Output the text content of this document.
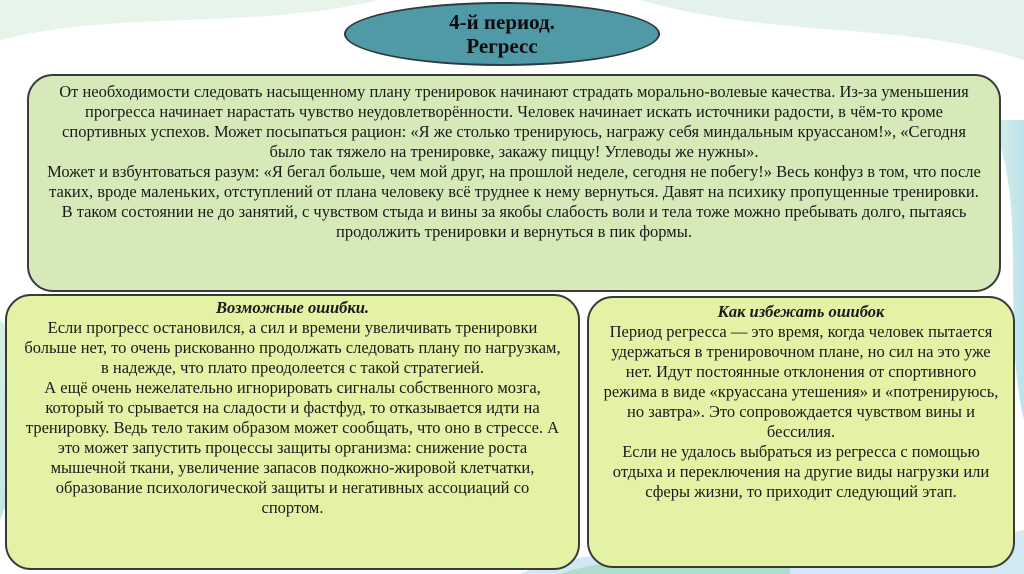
4-й период.
Регресс

От необходимости следовать насыщенному плану тренировок начинают страдать морально-волевые качества. Из-за уменьшения прогресса начинает нарастать чувство неудовлетворённости. Человек начинает искать источники радости, в чём-то кроме спортивных успехов. Может посыпаться рацион: «Я же столько тренируюсь, награжу себя миндальным круассаном!», «Сегодня было так тяжело на тренировке, закажу пиццу! Углеводы же нужны».

Может и взбунтоваться разум: «Я бегал больше, чем мой друг, на прошлой неделе, сегодня не побегу!» Весь конфуз в том, что после таких, вроде маленьких, отступлений от плана человеку всё труднее к нему вернуться. Давят на психику пропущенные тренировки.

В таком состоянии не до занятий, с чувством стыда и вины за якобы слабость воли и тела тоже можно пребывать долго, пытаясь продолжить тренировки и вернуться в пик формы.

Возможные ошибки.

Если прогресс остановился, а сил и времени увеличивать тренировки больше нет, то очень рискованно продолжать следовать плану по нагрузкам, в надежде, что плато преодолеется с такой стратегией.

А ещё очень нежелательно игнорировать сигналы собственного мозга, который то срывается на сладости и фастфуд, то отказывается идти на тренировку. Ведь тело таким образом может сообщать, что оно в стрессе. А это может запустить процессы защиты организма: снижение роста мышечной ткани, увеличение запасов подкожно-жировой клетчатки, образование психологической защиты и негативных ассоциаций со спортом.

Как избежать ошибок

Период регресса — это время, когда человек пытается удержаться в тренировочном плане, но сил на это уже нет. Идут постоянные отклонения от спортивного режима в виде «круассана утешения» и «потренируюсь, но завтра». Это сопровождается чувством вины и бессилия.

Если не удалось выбраться из регресса с помощью отдыха и переключения на другие виды нагрузки или сферы жизни, то приходит следующий этап.
